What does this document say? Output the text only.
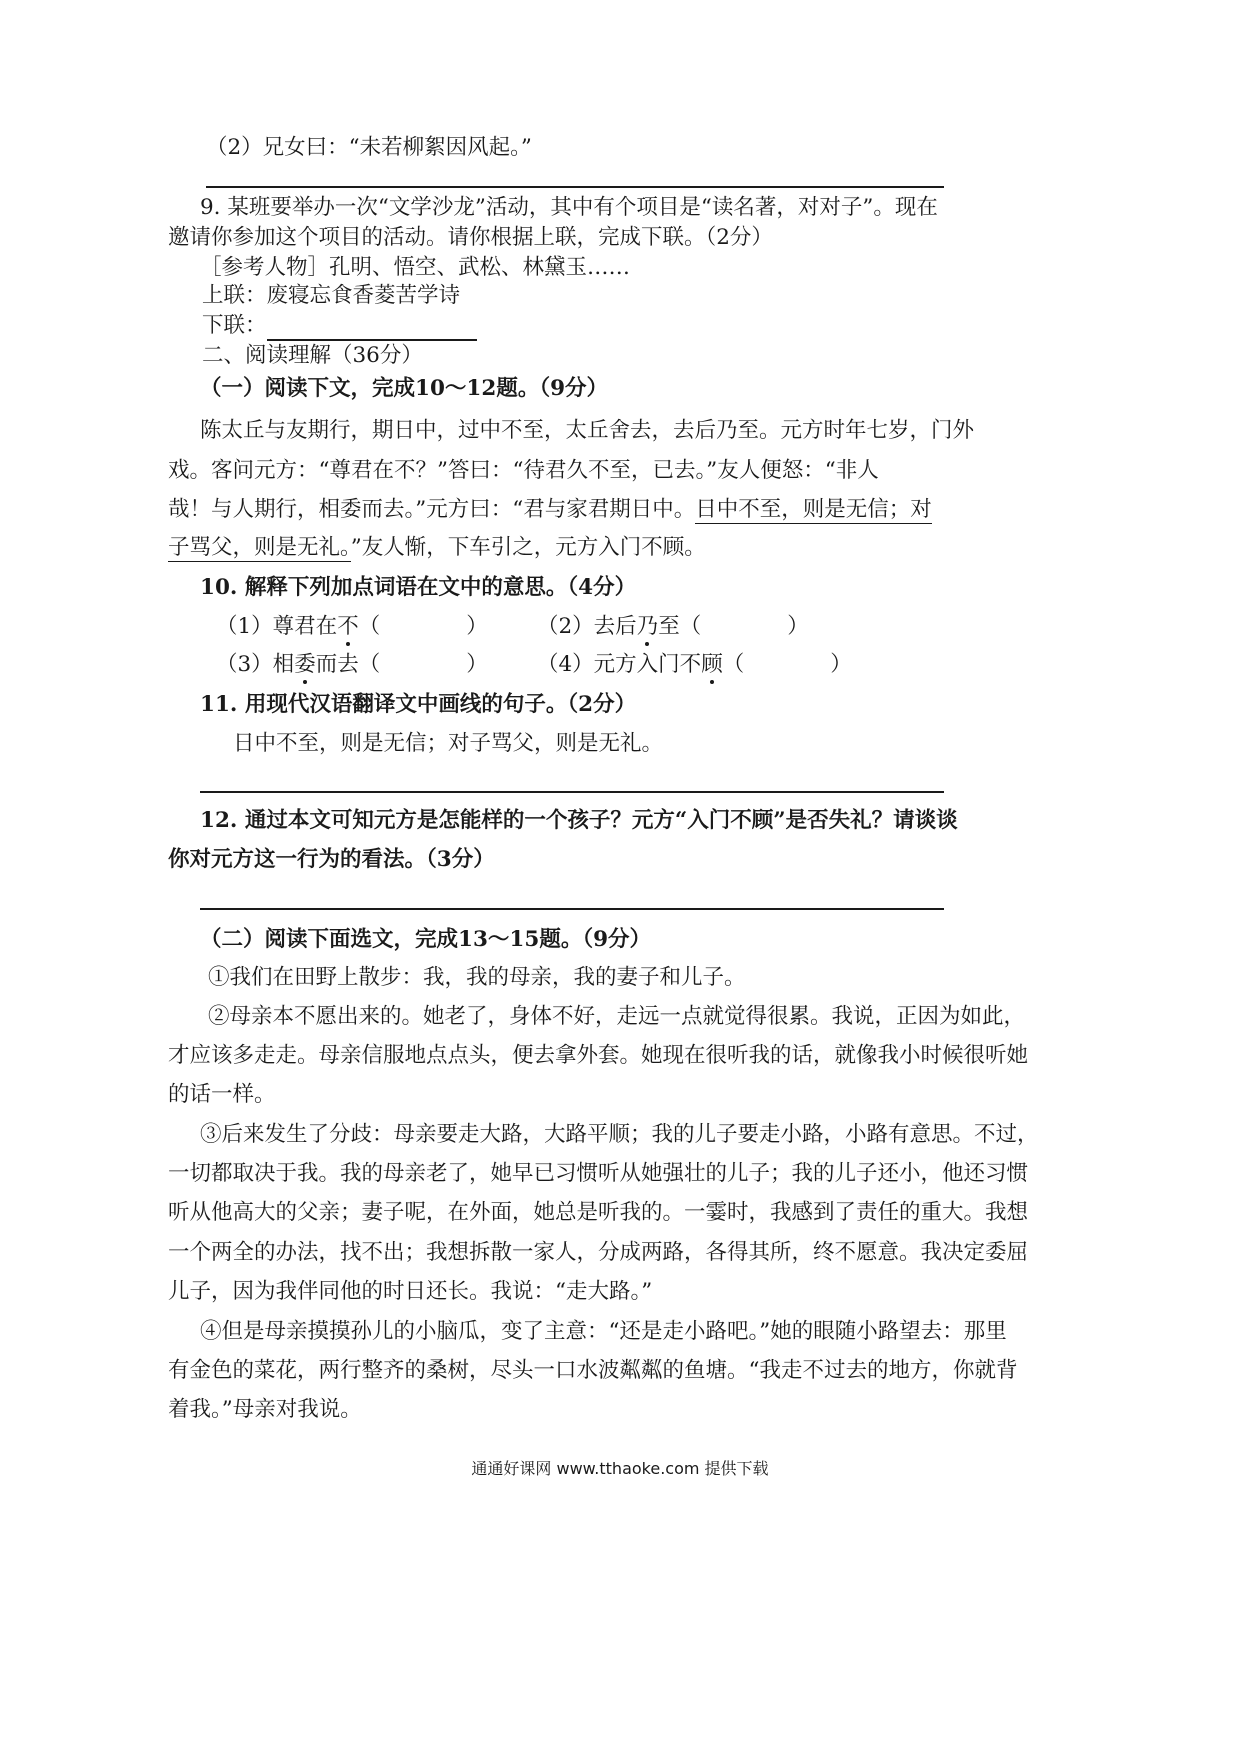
（2）兄女曰：“未若柳絮因风起。”
9. 某班要举办一次“文学沙龙”活动，其中有个项目是“读名著，对对子”。现在
邀请你参加这个项目的活动。请你根据上联，完成下联。（2分）
［参考人物］孔明、悟空、武松、林黛玉……
上联：废寝忘食香菱苦学诗
下联：
二、阅读理解（36分）
（一）阅读下文，完成10～12题。（9分）
陈太丘与友期行，期日中，过中不至，太丘舍去，去后乃至。元方时年七岁，门外
戏。客问元方：“尊君在不？”答曰：“待君久不至，已去。”友人便怒：“非人
哉！与人期行，相委而去。”元方曰：“君与家君期日中。日中不至，则是无信；对
子骂父，则是无礼。”友人惭，下车引之，元方入门不顾。
10. 解释下列加点词语在文中的意思。（4分）
（1）尊君在不（　　　　） （2）去后乃至（　　　　）
（3）相委而去（　　　　） （4）元方入门不顾（　　　　）
11. 用现代汉语翻译文中画线的句子。（2分）
日中不至，则是无信；对子骂父，则是无礼。
12. 通过本文可知元方是怎能样的一个孩子？元方“入门不顾”是否失礼？请谈谈
你对元方这一行为的看法。（3分）
（二）阅读下面选文，完成13～15题。（9分）
①我们在田野上散步：我，我的母亲，我的妻子和儿子。
②母亲本不愿出来的。她老了，身体不好，走远一点就觉得很累。我说，正因为如此，
才应该多走走。母亲信服地点点头，便去拿外套。她现在很听我的话，就像我小时候很听她
的话一样。
③后来发生了分歧：母亲要走大路，大路平顺；我的儿子要走小路，小路有意思。不过，
一切都取决于我。我的母亲老了，她早已习惯听从她强壮的儿子；我的儿子还小，他还习惯
听从他高大的父亲；妻子呢，在外面，她总是听我的。一霎时，我感到了责任的重大。我想
一个两全的办法，找不出；我想拆散一家人，分成两路，各得其所，终不愿意。我决定委屈
儿子，因为我伴同他的时日还长。我说：“走大路。”
④但是母亲摸摸孙儿的小脑瓜，变了主意：“还是走小路吧。”她的眼随小路望去：那里
有金色的菜花，两行整齐的桑树，尽头一口水波粼粼的鱼塘。“我走不过去的地方，你就背
着我。”母亲对我说。
通通好课网 www.tthaoke.com 提供下载
